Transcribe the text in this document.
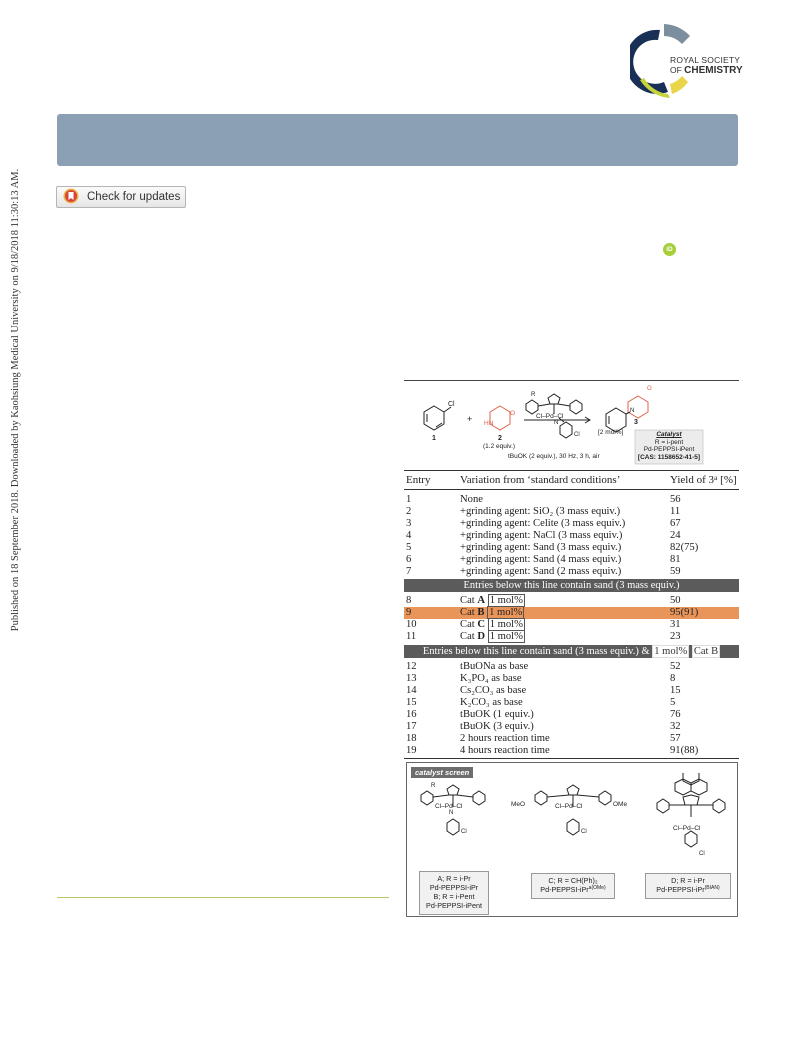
Published on 18 September 2018. Downloaded by Kaohsiung Medical University on 9/18/2018 11:30:13 AM.
ROYAL SOCIETY
OF CHEMISTRY
Check for updates
iD
Cl
1
+ HN
O
2
(1.2 equiv.)
R
Cl–Pd–Cl
N
Cl	[2 mol%]
tBuOK (2 equiv.), 30 Hz, 3 h, air
N
O
3
Catalyst
R = i-pent
Pd-PEPPSI-iPent
[CAS: 1158652-41-5]
Entry	Variation from ‘standard conditions’	Yield of 3$^a$ [%]
1	None	56
2	+grinding agent: SiO₂ (3 mass equiv.)	11
3	+grinding agent: Celite (3 mass equiv.)	67
4	+grinding agent: NaCl (3 mass equiv.)	24
5	+grinding agent: Sand (3 mass equiv.)	82(75)
6	+grinding agent: Sand (4 mass equiv.)	81
7	+grinding agent: Sand (2 mass equiv.)	59
Entries below this line contain sand (3 mass equiv.)
8	Cat A 1 mol%	50
9	Cat B 1 mol%	95(91)
10	Cat C 1 mol%	31
11	Cat D 1 mol%	23
Entries below this line contain sand (3 mass equiv.) & 1 mol% Cat B
12	tBuONa as base	52
13	K₃PO₄ as base	8
14	Cs₂CO₃ as base	15
15	K₂CO₃ as base	5
16	tBuOK (1 equiv.)	76
17	tBuOK (3 equiv.)	32
18	2 hours reaction time	57
19	4 hours reaction time	91(88)
catalyst screen
Cl–Pd–Cl
N
Cl
R
MeO	OMe
Cl–Pd–Cl
Cl	Cl–Pd–Cl
Cl
A; R = i-Pr
Pd-PEPPSI-iPr
B; R = i-Pent
Pd-PEPPSI-iPent
C; R = CH(Ph)₂
Pd-PEPPSI-iPr$^{a(OMe)}$
D; R = i-Pr
Pd-PEPPSI-iPr$^{(BIAN)}$
